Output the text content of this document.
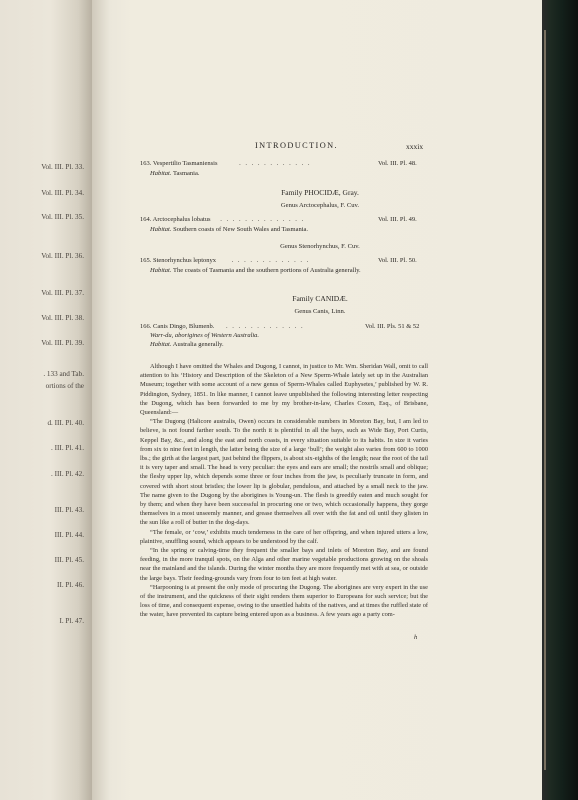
Vol. III. Pl. 33.
Vol. III. Pl. 34.
Vol. III. Pl. 35.
Vol. III. Pl. 36.
Vol. III. Pl. 37.
Vol. III. Pl. 38.
Vol. III. Pl. 39.
. 133 and Tab.
ortions of the
d. III. Pl. 40.
. III. Pl. 41.
. III. Pl. 42.
III. Pl. 43.
III. Pl. 44.
III. Pl. 45.
II. Pl. 46.
I. Pl. 47.
INTRODUCTION.	xxxix
163. Vespertilio Tasmaniensis	. . . . . . . . . . . .	Vol. III. Pl. 48.
Habitat. Tasmania.
Family PHOCIDÆ, Gray.
Genus Arctocephalus, F. Cuv.
164. Arctocephalus lobatus . . . . . . . . . . . . . .	Vol. III. Pl. 49.
Habitat. Southern coasts of New South Wales and Tasmania.
Genus Stenorhynchus, F. Cuv.
165. Stenorhynchus leptonyx . . . . . . . . . . . . .	Vol. III. Pl. 50.
Habitat. The coasts of Tasmania and the southern portions of Australia generally.
Family CANIDÆ.
Genus Canis, Linn.
166. Canis Dingo, Blumenb. . . . . . . . . . . . . .	Vol. III. Pls. 51 & 52
Warr-du, aborigines of Western Australia.
Habitat. Australia generally.

Although I have omitted the Whales and Dugong, I cannot, in justice to Mr. Wm. Sheridan Wall, omit to call attention to his ‘History and Description of the Skeleton of a New Sperm-Whale lately set up in the Australian Museum; together with some account of a new genus of Sperm-Whales called Euphysetes,’ published by W. R. Piddington, Sydney, 1851. In like manner, I cannot leave unpublished the following interesting letter respecting the Dugong, which has been forwarded to me by my brother-in-law, Charles Coxen, Esq., of Brisbane, Queensland:—

“The Dugong (Halicore australis, Owen) occurs in considerable numbers in Moreton Bay, but, I am led to believe, is not found farther south. To the north it is plentiful in all the bays, such as Wide Bay, Port Curtis, Keppel Bay, &c., and along the east and north coasts, in every situation suitable to its habits. In size it varies from six to nine feet in length, the latter being the size of a large ‘bull’; the weight also varies from 600 to 1000 lbs.; the girth at the largest part, just behind the flippers, is about six-eighths of the length; near the root of the tail it is very taper and small. The head is very peculiar: the eyes and ears are small; the nostrils small and oblique; the fleshy upper lip, which depends some three or four inches from the jaw, is peculiarly truncate in form, and covered with short stout bristles; the lower lip is globular, pendulous, and attached by a small neck to the jaw. The name given to the Dugong by the aborigines is Young-un. The flesh is greedily eaten and much sought for by them; and when they have been successful in procuring one or two, which occasionally happens, they gorge themselves in a most unseemly manner, and grease themselves all over with the fat and oil until they glisten in the sun like a roll of butter in the dog-days.

“The female, or ‘cow,’ exhibits much tenderness in the care of her offspring, and when injured utters a low, plaintive, snuffling sound, which appears to be understood by the calf.

“In the spring or calving-time they frequent the smaller bays and inlets of Moreton Bay, and are found feeding, in the more tranquil spots, on the Alga and other marine vegetable productions growing on the shoals near the mainland and the islands. During the winter months they are more frequently met with at sea, or outside the large bays. Their feeding-grounds vary from four to ten feet at high water.

“Harpooning is at present the only mode of procuring the Dugong. The aborigines are very expert in the use of the instrument, and the quickness of their sight renders them superior to Europeans for such service; but the loss of time, and consequent expense, owing to the unsettled habits of the natives, and at times the ruffled state of the water, have prevented its capture being entered upon as a business. A few years ago a party com-

h
